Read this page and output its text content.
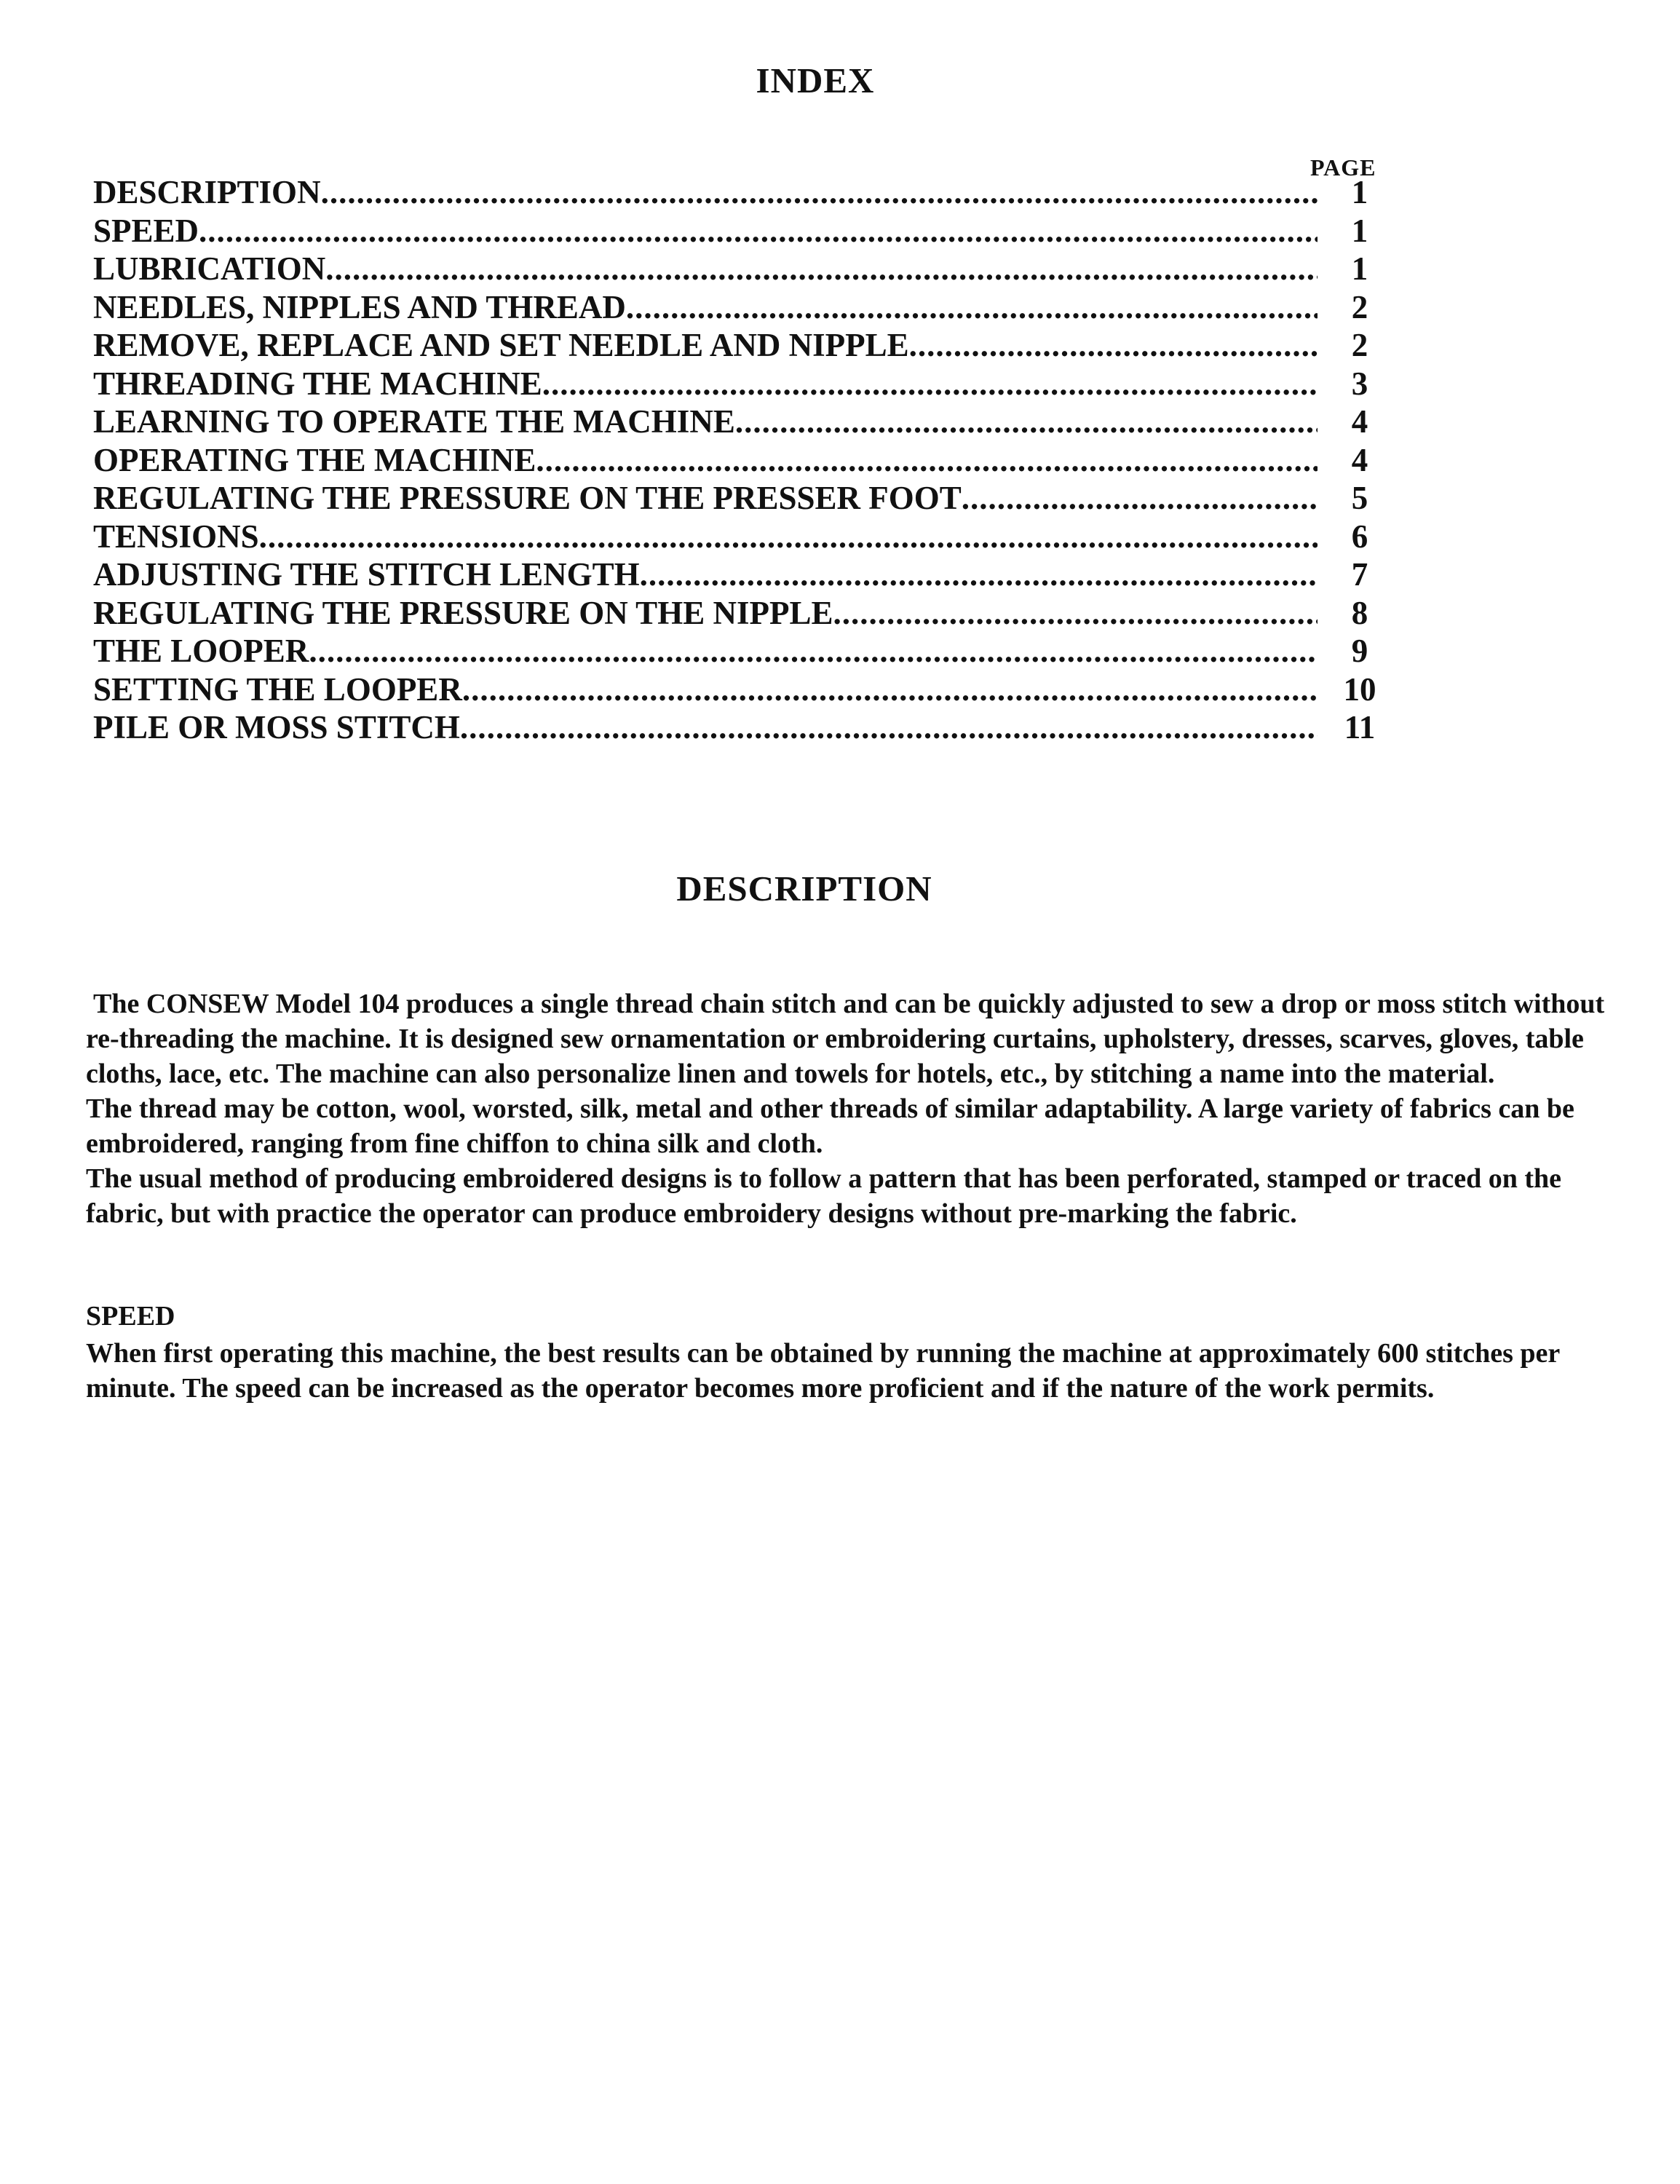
INDEX
PAGE
DESCRIPTION .....	1
SPEED .....	1
LUBRICATION .....	1
NEEDLES, NIPPLES AND THREAD .....	2
REMOVE, REPLACE AND SET NEEDLE AND NIPPLE .....	2
THREADING THE MACHINE .....	3
LEARNING TO OPERATE THE MACHINE .....	4
OPERATING THE MACHINE .....	4
REGULATING THE PRESSURE ON THE PRESSER FOOT .....	5
TENSIONS .....	6
ADJUSTING THE STITCH LENGTH .....	7
REGULATING THE PRESSURE ON THE NIPPLE .....	8
THE LOOPER .....	9
SETTING THE LOOPER .....	10
PILE OR MOSS STITCH .....	11
DESCRIPTION

The CONSEW Model 104 produces a single thread chain stitch and can be quickly adjusted to sew a drop or moss stitch without re-threading the machine. It is designed sew ornamentation or embroidering curtains, upholstery, dresses, scarves, gloves, table cloths, lace, etc. The machine can also personalize linen and towels for hotels, etc., by stitching a name into the material.

The thread may be cotton, wool, worsted, silk, metal and other threads of similar adaptability. A large variety of fabrics can be embroidered, ranging from fine chiffon to china silk and cloth.

The usual method of producing embroidered designs is to follow a pattern that has been perforated, stamped or traced on the fabric, but with practice the operator can produce embroidery designs without pre-marking the fabric.

SPEED

When first operating this machine, the best results can be obtained by running the machine at approximately 600 stitches per minute. The speed can be increased as the operator becomes more proficient and if the nature of the work permits.
